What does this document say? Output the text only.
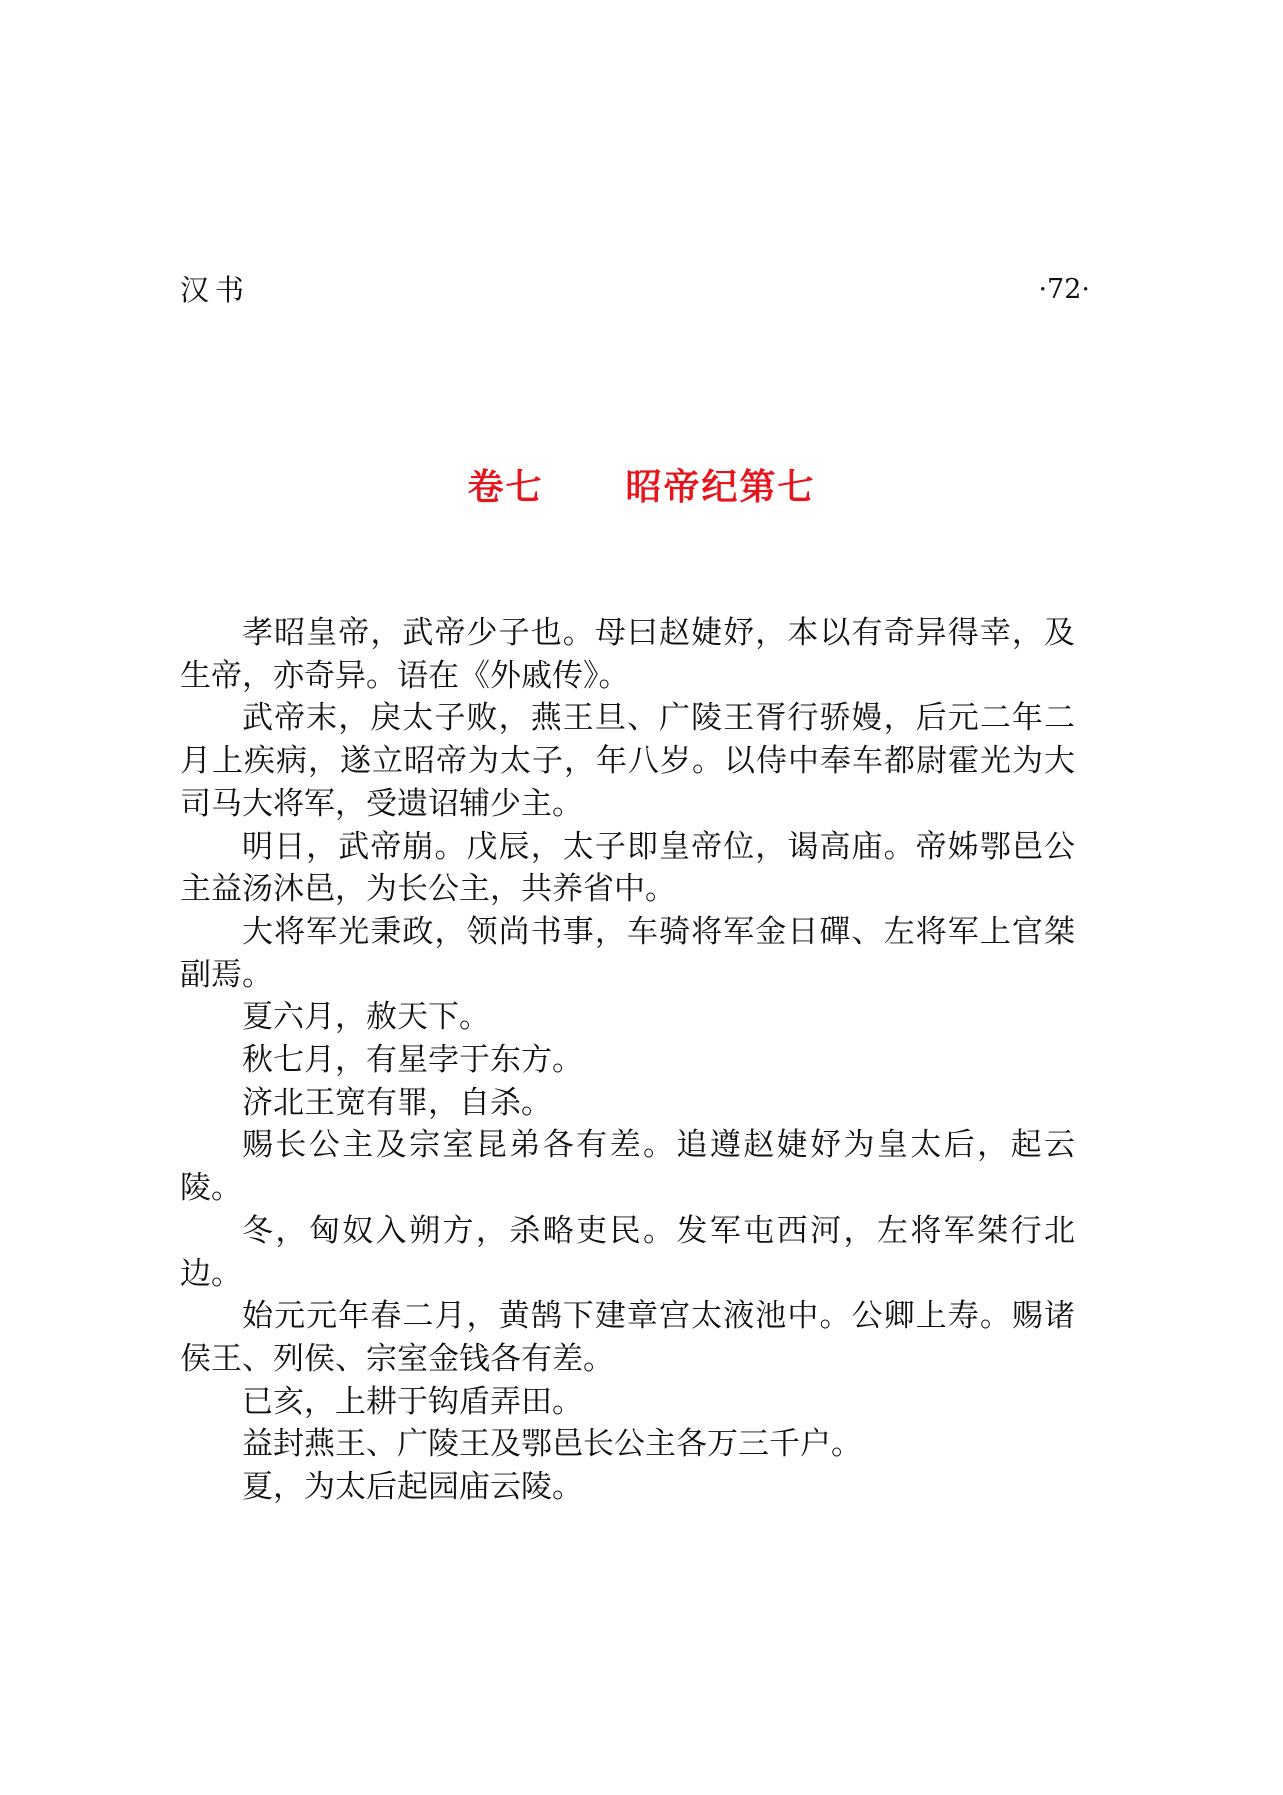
汉书	·72·
卷七 昭帝纪第七

孝昭皇帝，武帝少子也。母曰赵婕妤，本以有奇异得幸，及生帝，亦奇异。语在《外戚传》。

武帝末，戾太子败，燕王旦、广陵王胥行骄嫚，后元二年二月上疾病，遂立昭帝为太子，年八岁。以侍中奉车都尉霍光为大司马大将军，受遗诏辅少主。

明日，武帝崩。戊辰，太子即皇帝位，谒高庙。帝姊鄂邑公主益汤沐邑，为长公主，共养省中。

大将军光秉政，领尚书事，车骑将军金日磾、左将军上官桀副焉。

夏六月，赦天下。

秋七月，有星孛于东方。

济北王宽有罪，自杀。

赐长公主及宗室昆弟各有差。追遵赵婕妤为皇太后，起云陵。

冬，匈奴入朔方，杀略吏民。发军屯西河，左将军桀行北边。

始元元年春二月，黄鹄下建章宫太液池中。公卿上寿。赐诸侯王、列侯、宗室金钱各有差。

已亥，上耕于钩盾弄田。

益封燕王、广陵王及鄂邑长公主各万三千户。

夏，为太后起园庙云陵。
